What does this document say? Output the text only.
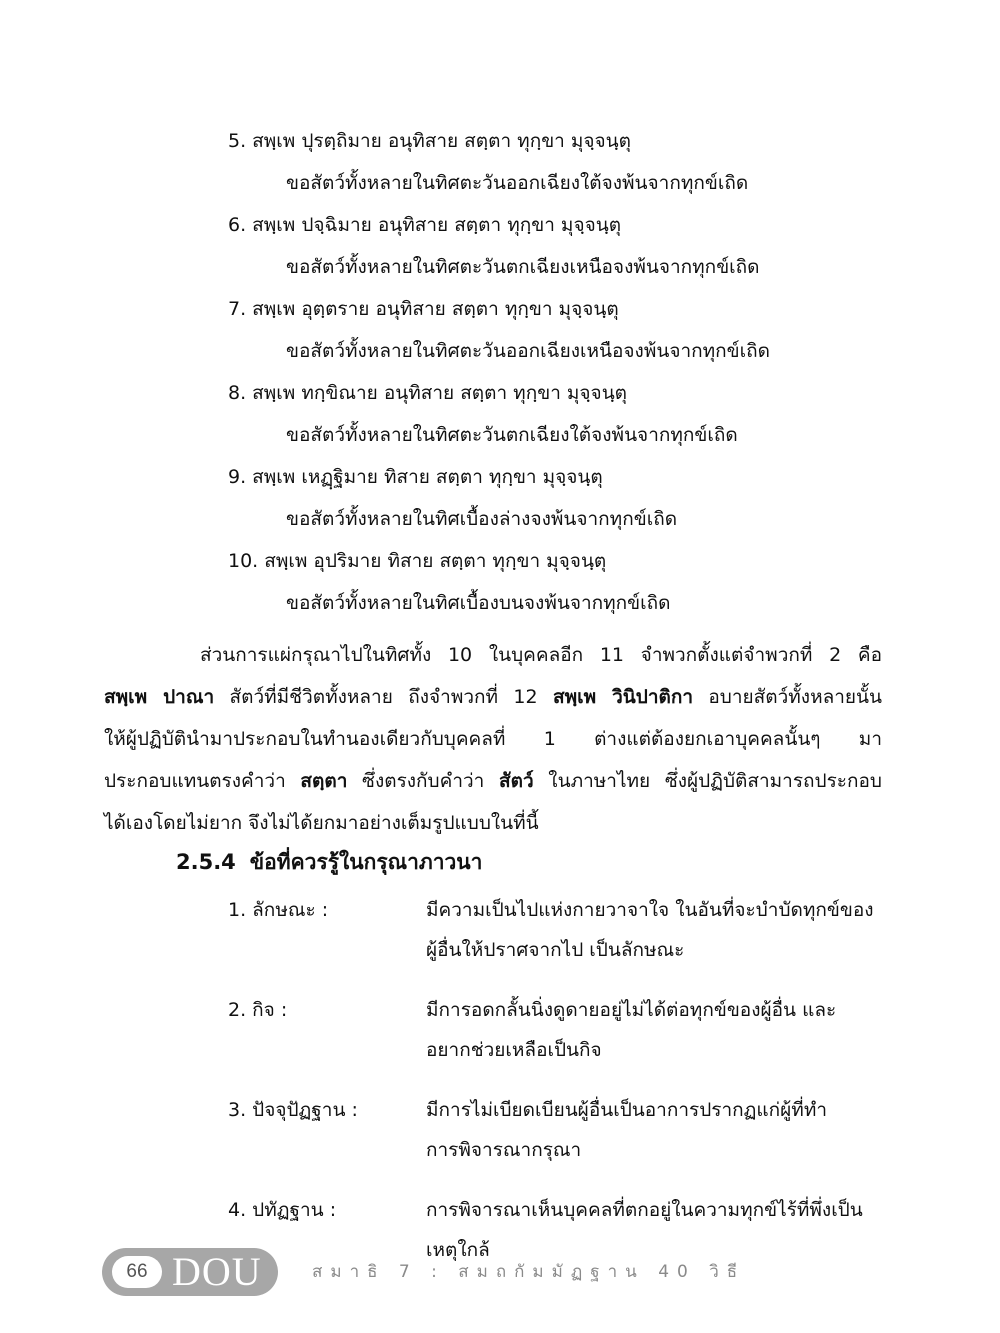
5. สพฺเพ ปุรตฺถิมาย อนุทิสาย สตฺตา ทุกฺขา มุจฺจนฺตุ
ขอสัตว์ทั้งหลายในทิศตะวันออกเฉียงใต้จงพ้นจากทุกข์เถิด
6. สพฺเพ ปจฺฉิมาย อนุทิสาย สตฺตา ทุกฺขา มุจฺจนฺตุ
ขอสัตว์ทั้งหลายในทิศตะวันตกเฉียงเหนือจงพ้นจากทุกข์เถิด
7. สพฺเพ อุตฺตราย อนุทิสาย สตฺตา ทุกฺขา มุจฺจนฺตุ
ขอสัตว์ทั้งหลายในทิศตะวันออกเฉียงเหนือจงพ้นจากทุกข์เถิด
8. สพฺเพ ทกฺขิณาย อนุทิสาย สตฺตา ทุกฺขา มุจฺจนฺตุ
ขอสัตว์ทั้งหลายในทิศตะวันตกเฉียงใต้จงพ้นจากทุกข์เถิด
9. สพฺเพ เหฏฺฐิมาย ทิสาย สตฺตา ทุกฺขา มุจฺจนฺตุ
ขอสัตว์ทั้งหลายในทิศเบื้องล่างจงพ้นจากทุกข์เถิด
10. สพฺเพ อุปริมาย ทิสาย สตฺตา ทุกฺขา มุจฺจนฺตุ
ขอสัตว์ทั้งหลายในทิศเบื้องบนจงพ้นจากทุกข์เถิด
ส่วนการแผ่กรุณาไปในทิศทั้ง 10 ในบุคคลอีก 11 จำพวกตั้งแต่จำพวกที่ 2 คือ
สพฺเพ ปาณา สัตว์ที่มีชีวิตทั้งหลาย ถึงจำพวกที่ 12 สพฺเพ วินิปาติกา อบายสัตว์ทั้งหลายนั้น
ให้ผู้ปฏิบัตินำมาประกอบในทำนองเดียวกับบุคคลที่ 1 ต่างแต่ต้องยกเอาบุคคลนั้นๆ มา
ประกอบแทนตรงคำว่า สตฺตา ซึ่งตรงกับคำว่า สัตว์ ในภาษาไทย ซึ่งผู้ปฏิบัติสามารถประกอบ
ได้เองโดยไม่ยาก จึงไม่ได้ยกมาอย่างเต็มรูปแบบในที่นี้
2.5.4 ข้อที่ควรรู้ในกรุณาภาวนา
1. ลักษณะ :	มีความเป็นไปแห่งกายวาจาใจ ในอันที่จะบำบัดทุกข์ของ
ผู้อื่นให้ปราศจากไป เป็นลักษณะ
2. กิจ :	มีการอดกลั้นนิ่งดูดายอยู่ไม่ได้ต่อทุกข์ของผู้อื่น และ
อยากช่วยเหลือเป็นกิจ
3. ปัจจุปัฏฐาน :	มีการไม่เบียดเบียนผู้อื่นเป็นอาการปรากฏแก่ผู้ที่ทำ
การพิจารณากรุณา
4. ปทัฏฐาน :	การพิจารณาเห็นบุคคลที่ตกอยู่ในความทุกข์ไร้ที่พึ่งเป็น
เหตุใกล้
66 DOU	สมาธิ 7 : สมถกัมมัฏฐาน 40 วิธี
